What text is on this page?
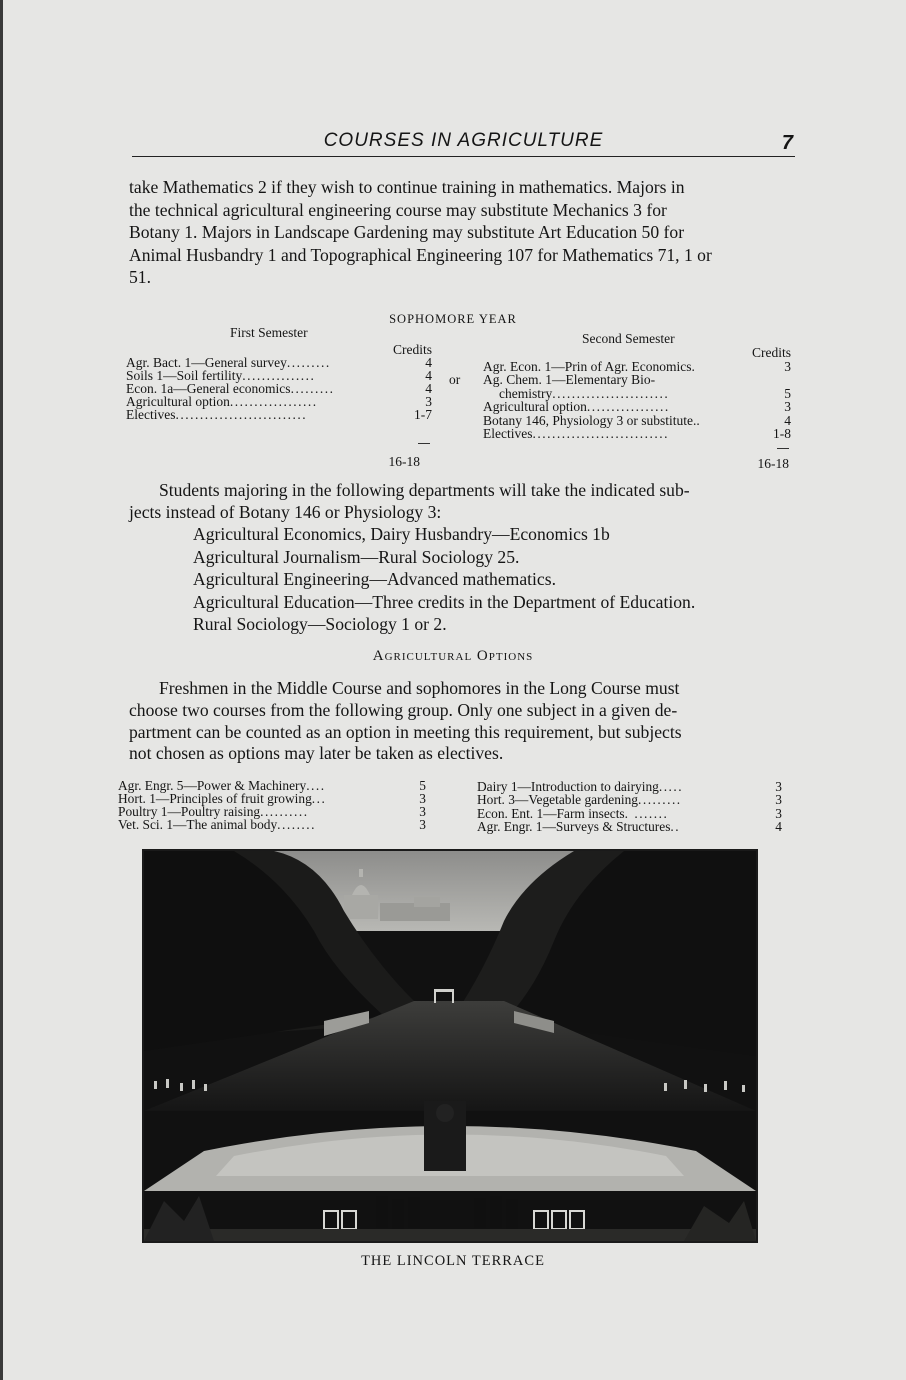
COURSES IN AGRICULTURE	7
take Mathematics 2 if they wish to continue training in mathematics. Majors in
the technical agricultural engineering course may substitute Mechanics 3 for
Botany 1. Majors in Landscape Gardening may substitute Art Education 50 for
Animal Husbandry 1 and Topographical Engineering 107 for Mathematics 71, 1 or
51.
SOPHOMORE YEAR
First Semester
Credits
Agr. Bact. 1—General survey.........	4
Soils 1—Soil fertility...............	4
Econ. 1a—General economics.........	4
Agricultural option..................	3
Electives...........................	1-7
16-18
or
Second Semester
Credits
Agr. Econ. 1—Prin of Agr. Economics.	3
Ag. Chem. 1—Elementary Bio-
chemistry........................	5
Agricultural option.................	3
Botany 146, Physiology 3 or substitute..	4
Electives............................	1-8
16-18
Students majoring in the following departments will take the indicated sub-
jects instead of Botany 146 or Physiology 3:
Agricultural Economics, Dairy Husbandry—Economics 1b
Agricultural Journalism—Rural Sociology 25.
Agricultural Engineering—Advanced mathematics.
Agricultural Education—Three credits in the Department of Education.
Rural Sociology—Sociology 1 or 2.
Agricultural Options
Freshmen in the Middle Course and sophomores in the Long Course must
choose two courses from the following group. Only one subject in a given de-
partment can be counted as an option in meeting this requirement, but subjects
not chosen as options may later be taken as electives.
Agr. Engr. 5—Power & Machinery....	5
Hort. 1—Principles of fruit growing...	3
Poultry 1—Poultry raising..........	3
Vet. Sci. 1—The animal body........	3
Dairy 1—Introduction to dairying.....	3
Hort. 3—Vegetable gardening.........	3
Econ. Ent. 1—Farm insects. .......	3
Agr. Engr. 1—Surveys & Structures..	4
THE LINCOLN TERRACE
